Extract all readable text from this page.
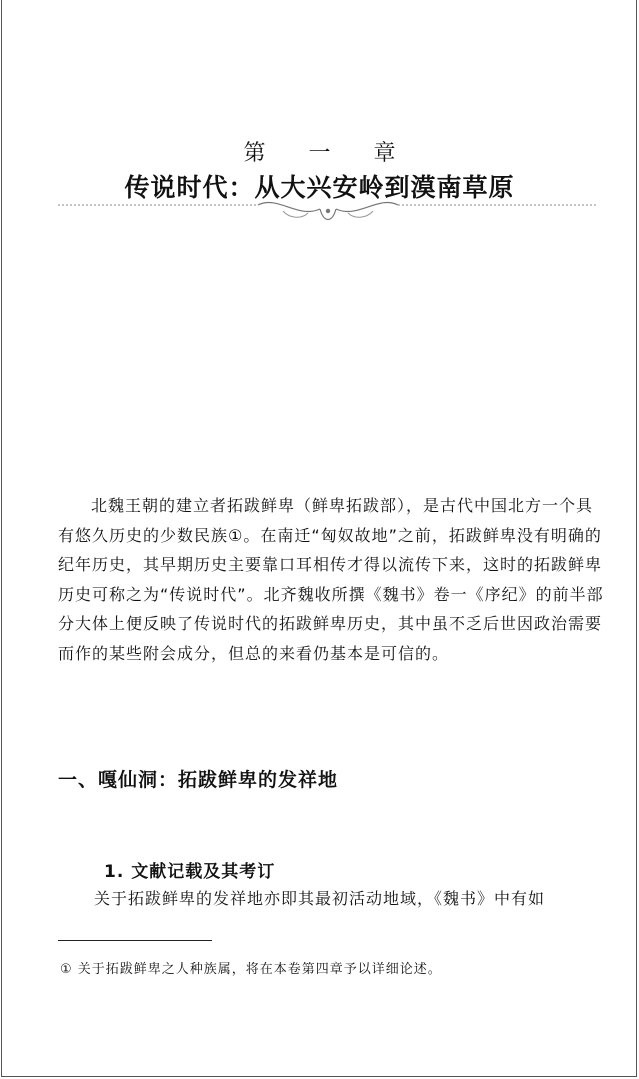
第 一 章
传说时代：从大兴安岭到漠南草原

北魏王朝的建立者拓跋鲜卑（鲜卑拓跋部），是古代中国北方一个具有悠久历史的少数民族①。在南迁“匈奴故地”之前，拓跋鲜卑没有明确的纪年历史，其早期历史主要靠口耳相传才得以流传下来，这时的拓跋鲜卑历史可称之为“传说时代”。北齐魏收所撰《魏书》卷一《序纪》的前半部分大体上便反映了传说时代的拓跋鲜卑历史，其中虽不乏后世因政治需要而作的某些附会成分，但总的来看仍基本是可信的。

一、嘎仙洞：拓跋鲜卑的发祥地
1. 文献记载及其考订

关于拓跋鲜卑的发祥地亦即其最初活动地域，《魏书》中有如

① 关于拓跋鲜卑之人种族属，将在本卷第四章予以详细论述。
